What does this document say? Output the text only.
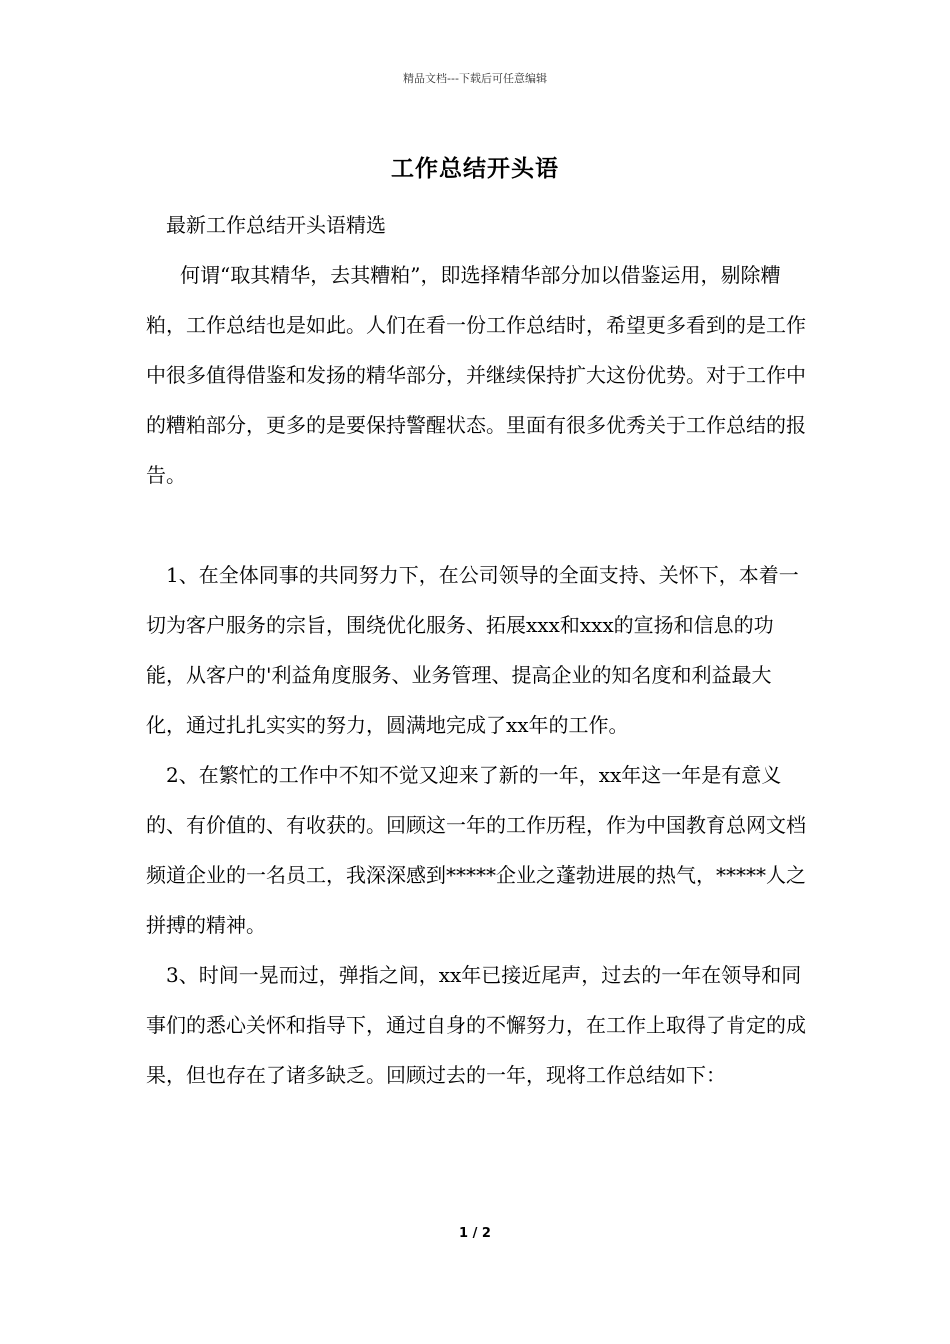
精品文档---下载后可任意编辑
工作总结开头语

最新工作总结开头语精选

何谓“取其精华，去其糟粕”，即选择精华部分加以借鉴运用，剔除糟粕，工作总结也是如此。人们在看一份工作总结时，希望更多看到的是工作中很多值得借鉴和发扬的精华部分，并继续保持扩大这份优势。对于工作中的糟粕部分，更多的是要保持警醒状态。里面有很多优秀关于工作总结的报告。

1、在全体同事的共同努力下，在公司领导的全面支持、关怀下，本着一切为客户服务的宗旨，围绕优化服务、拓展xxx和xxx的宣扬和信息的功能，从客户的'利益角度服务、业务管理、提高企业的知名度和利益最大化，通过扎扎实实的努力，圆满地完成了xx年的工作。

2、在繁忙的工作中不知不觉又迎来了新的一年，xx年这一年是有意义的、有价值的、有收获的。回顾这一年的工作历程，作为中国教育总网文档频道企业的一名员工，我深深感到*****企业之蓬勃进展的热气，*****人之拼搏的精神。

3、时间一晃而过，弹指之间，xx年已接近尾声，过去的一年在领导和同事们的悉心关怀和指导下，通过自身的不懈努力，在工作上取得了肯定的成果，但也存在了诸多缺乏。回顾过去的一年，现将工作总结如下：

1 / 2
